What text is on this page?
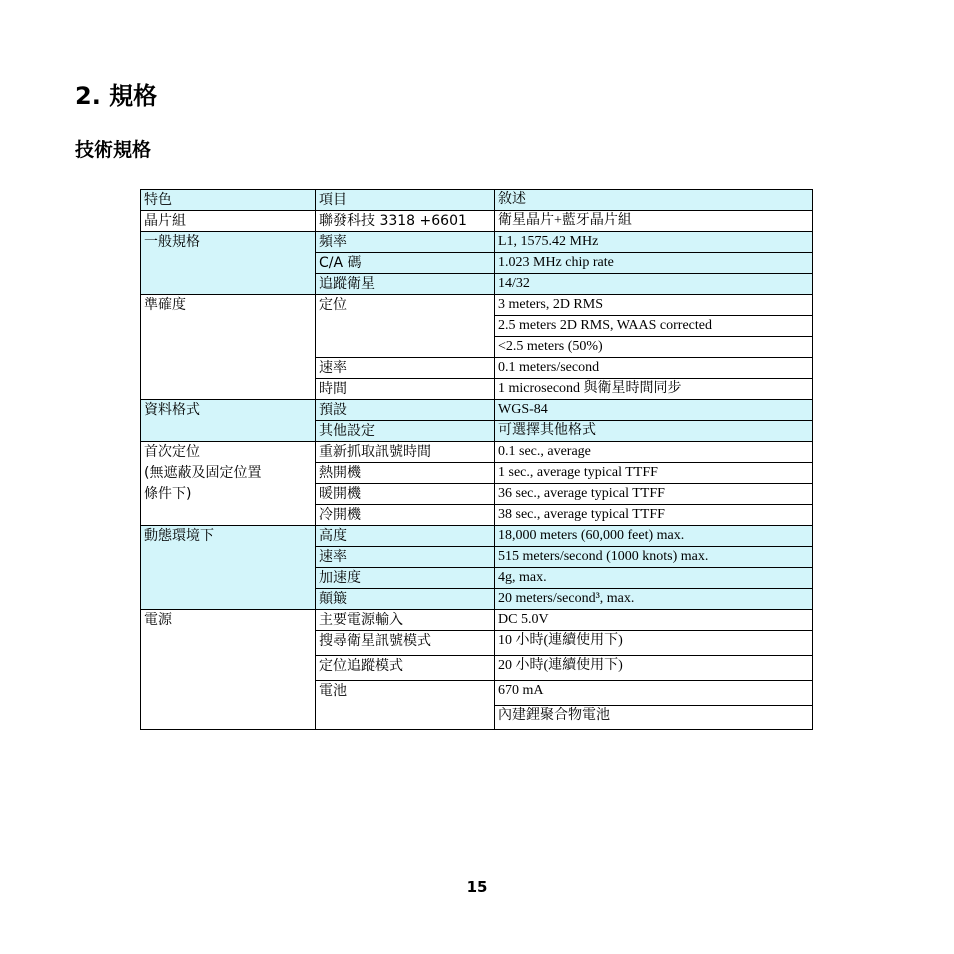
2. 規格
技術規格
特色	項目	敘述
晶片組	聯發科技 3318 +6601	衛星晶片+藍牙晶片組
一般規格	頻率	L1, 1575.42 MHz
	C/A 碼	1.023 MHz chip rate
	追蹤衛星	14/32
準確度	定位	3 meters, 2D RMS
		2.5 meters 2D RMS, WAAS corrected
		<2.5 meters (50%)
	速率	0.1 meters/second
	時間	1 microsecond 與衛星時間同步
資料格式	預設	WGS-84
	其他設定	可選擇其他格式
首次定位	重新抓取訊號時間	0.1 sec., average
(無遮蔽及固定位置	熱開機	1 sec., average typical TTFF
條件下)	暖開機	36 sec., average typical TTFF
	冷開機	38 sec., average typical TTFF
動態環境下	高度	18,000 meters (60,000 feet) max.
	速率	515 meters/second (1000 knots) max.
	加速度	4g, max.
	顛簸	20 meters/second³, max.
電源	主要電源輸入	DC 5.0V
	搜尋衛星訊號模式	10 小時(連續使用下)
	定位追蹤模式	20 小時(連續使用下)
	電池	670 mA
		內建鋰聚合物電池
15
